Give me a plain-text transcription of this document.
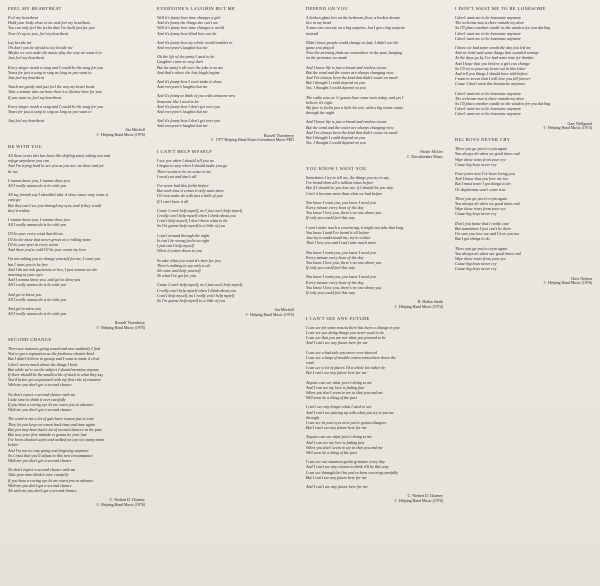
FEEL MY HEARTBEAT
Feel my heartbeat
Hold your body close to me and feel my heartbeat
You can only feel the feelin that I've built just for you
Now it's up to you, feel my heartbeat
Lay beside me
Oh don't you be afraid to lay beside me
Maybe we can make the music play the way we want it to
Just feel my heartbeat
Every singer needs a song and I could be the song for you
Yours for just a song to sing as long as you want to
Just feel my heartbeat
Touch me gently and just feel the way my heart beats
Take a minute take an hour there's a lifetime here for you
If you want to, feel my heartbeat
Every singer needs a song and I could be the song for you
Yours for just a song to sing as long as you want to
Just feel my heartbeat
Stu Mitchell
© Helping Hand Music (1976)
BE WITH YOU
All these years this has been like drifting sand, taking rest and
refuge anywhere you can
And I'm trying hard to see you as you are, as show and yet
be me
I wanna know you, I wanna show you
All I really wanna do is be with you
All my friends say I shouldn't take it slow, cause easy come is
easy go
But they can't see you through my eyes, and if they could
they'd realize
I wanna know you, I wanna show you
All I really wanna do is be with you
I'll be your every wind that blows
I'll be the muse that never grows on a rolling stone
I'll be your port in every storm
And there you're cold I'll be your warm my love
I'm not asking you to change yourself for me, I want you
but I want you to be free
And I do not ask questions or lies, I just wanna see the
morning in your eyes
And I wanna know you, and get to show you
All I really wanna do is be with you
And get to know you
All I really wanna do is be with you
And get to show you
All I really wanna do is be with you
Russell Thornberry
© Helping Hand Music (1976)
SECOND CHANCE
There are rumours going round and now suddenly I find
You've got a reputation as the footloose cheatin kind
But I didn't believe to gossip and I want to make it clear
I don't worry much about the things I hear
But while we're on the subject I should mention anyway
If there should be the smallest bit of truth to what they say
You'd better get acquainted with my first rule of romance
With me you don't get a second chance
No don't expect a second chance with me
I take time to think it over carefully
If you have a roving eye let me warn you in advance
With me you don't get a second chance
The word is out a lot of gals have reason just to care
They let you keep on comin back time and time again
But you may have had a lot of second chances in the past
But now your first mistake is gonna be your last
I've been cheated sweet and walked on one too many times
before
And I'm not so easy going and forgiving anymore
So I trust that you'll adjust to this new circumstance
With me you don't get a second chance
No don't expect a second chance with me
Take your time think it over carefully
If you have a roving eye let me warn you in advance
With me you don't get a second chance
Ah with me you don't get a second chance
C. Nielsen D. Charney
© Helping Hand Music (1976)
EVERYONE'S LAUGHIN BUT ME
Well it's funny how time changes a girl
And it's funny the things she can't see
Well it's funny how time changes a world
And it's funny how blind love can be
And it's funny how my whole world tumbles in
And everyone's laughin but me
Oh the life of the party I used to be
Laughter came so easy then
But the party's all over the joke is on me
And that's where the last laugh begins
And it's funny how I can't make it alone
And everyone's laughin but me
And it's funny to think of you with someone new
Someone like I used to be
And it's funny how I don't get over you
And everyone's laughin but me
And it's funny how I don't get over you
And everyone's laughin but me
Russell Thornberry
© 1977 Helping Hand Music/Greenborn Music PRO
I CAN'T HELP MYSELF
I see you when I should tell you no
I begun to stay when I should make you go
There seems to be no sense to me
I need you and that's all
I've never had this feelin before
But each time it comes it only want more
I'll even make do with just a little of you
If I can't have it all
Cause I can't help myself, no I just can't help myself
I really can't help myself when I think about you
I can't help myself, I don't know what to do
So I'm gonna help myself to a little of you
I can't around through the night
In can't be wrong feelin so right
I just can't help myself
When it comes down to you
So take what you want it's here for you
There's nothing to say only to do
Ah come and help yourself
To what I've got for you
Cause I can't help myself, no I just can't help myself
I really can't help myself when I think about you
I can't help myself, no I really can't help myself
So I'm gonna help myself to a little of you
Stu Mitchell
© Helping Hand Music (1976)
DEPEND ON YOU
A broken glass lies on the bedroom floor, a broken dream
lies in my head
A man can execute on a big surprise, but I got a big surprise
instead
Didn't know people could change so fast, I didn't see the
game you played
Now the morning finds me somewhere in the past, hanging
on the promises we made
And I know life is just a broad and restless ocean
But the wind and the water are always changing view
And I've always been the kind that didn't count on much
But I thought I could depend on you
Yes, I thought I could depend on you
The radio was on 'n' gonna have some rain today, and yes I
believe it's right
My face is feelin just a little bit wet, with a big storm comin
through the night
And I know life is just a broad and restless ocean
But the wind and the water are always changing view
And I've always been the kind that didn't count on much
But I thought I could depend on you
Yes, I thought I could depend on you
Parker McGee
© Dawnbreaker Music
YOU KNOW I WANT YOU
Sometimes I try to tell me, the things you try to say
I've heard them all a million times before
But if I should let you lose me, if I should let you stay
Can't it become more than what we had before
You know I want you, you know I need you
Every minute every hour of the day
You know I love you, there's no one above you
If only you could feel this way
I won't make much a convincing, it might not take that long
You know I said I've heard it all before
Just try to understand me, try to realize
That I love you and I can't take much more
You know I want you, you know I need you
Every minute every hour of the day
You know I love you, there's no one above you
If only you could feel this way
You know I want you, you know I need you
Every minute every hour of the day
You know I love you, there's no one above you
If only you could feel this way
R. Hallan Smith
© Helping Hand Music (1974)
I CAN'T SEE ANY FUTURE
I can see for some reason there has been a change to you
I can see you doing things you never used to do
I can see that you are not what you pretend to be
And I can't see any future here for me
I can see a bad side you never ever showed
I can see a heap of trouble comin somewhere down the
road
I can see a lot of places I'd a whole lot rather be
But I can't see any future here for me
Anyone can see what you're doing to me
And I can see my love is fading fast
When you don't seem to see in that you and me
Will soon be a thing of the past
I can't see any longer what I used to see
And I can't see putting up with what you try to put me
through
I can see in your eyes now you're gonna disagree
But I can't see any future here for me
Anyone can see what you're doing to me
And I can see my love is fading fast
When you don't seem to see in that you and me
Will soon be a thing of the past
I can see our situation gettin grimmer every day
And I can't see any reason to think it'll be this way
I can see through the lies you've been covering carefully
But I can't see any future here for me
And I can't see any future here for me
C. Nielsen D. Charney
© Helping Hand Music (1976)
I DON'T WANT ME TO BE LONESOME
I don't want me to be lonesome anymore
The welcome mat is there outside my door
So I'll place another candle in the window for you darling
I don't want me to be lonesome anymore
I don't want me to be lonesome anymore
I know we had some words the day you left me
And we both said some things that sounded strange
As the days go by I've had some time for thinkin
And I hope that you believe a girl can change
So I'll try to pour my heart out in this letter
And tell you things I should have told before
I want to swear that I will love you till forever
Cause I don't want this heartache anymore
I don't want me to be lonesome anymore
The welcome mat is there outside my door
So I'll place another candle in the window for you darling
I don't want me to be lonesome anymore
I don't want me to be lonesome anymore
Gary Fjellgaard
© Helping Hand Music (1974)
BIG BOYS NEVER CRY
There you go you're cryin again
You always do when we good times end
Wipe those tears from your eye
Cause big boys never cry
Four years now I've been loving you
And I know that you love me too
But I must leave I got things to do
Or daydreams won't come true
There you go you're cryin again
You always do when we good times end
Wipe those tears from your eye
Cause big boys never cry
Don't you know that I really care
But sometimes I just can't be there
I'm sure you love me and I love you too
But I got things to do
There you go you're cryin again
You always do when our good times end
Wipe those tears from your eye
Cause big boys never cry
Cause big boys never cry
Chris Nielsen
© Helping Hand Music (1976)
